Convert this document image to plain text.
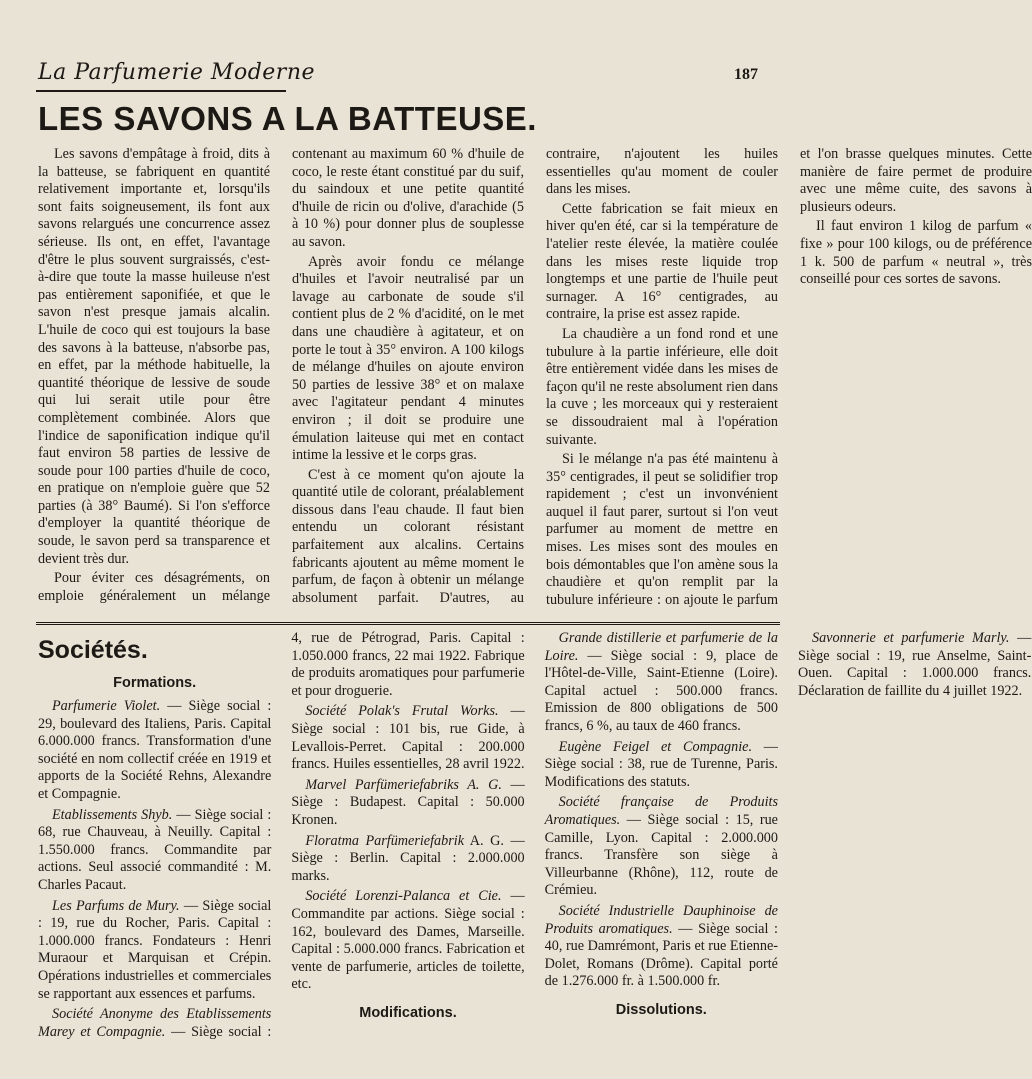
La Parfumerie Moderne	187
LES SAVONS A LA BATTEUSE.

Les savons d'empâtage à froid, dits à la batteuse, se fabriquent en quantité relativement importante et, lorsqu'ils sont faits soigneusement, ils font aux savons relargués une concurrence assez sérieuse. Ils ont, en effet, l'avantage d'être le plus souvent surgraissés, c'est-à-dire que toute la masse huileuse n'est pas entièrement saponifiée, et que le savon n'est presque jamais alcalin. L'huile de coco qui est toujours la base des savons à la batteuse, n'absorbe pas, en effet, par la méthode habituelle, la quantité théorique de lessive de soude qui lui serait utile pour être complètement combinée. Alors que l'indice de saponification indique qu'il faut environ 58 parties de lessive de soude pour 100 parties d'huile de coco, en pratique on n'emploie guère que 52 parties (à 38° Baumé). Si l'on s'efforce d'employer la quantité théorique de soude, le savon perd sa transparence et devient très dur.

Pour éviter ces désagréments, on emploie généralement un mélange contenant au maximum 60 % d'huile de coco, le reste étant constitué par du suif, du saindoux et une petite quantité d'huile de ricin ou d'olive, d'arachide (5 à 10 %) pour donner plus de souplesse au savon.

Après avoir fondu ce mélange d'huiles et l'avoir neutralisé par un lavage au carbonate de soude s'il contient plus de 2 % d'acidité, on le met dans une chaudière à agitateur, et on porte le tout à 35° environ. A 100 kilogs de mélange d'huiles on ajoute environ 50 parties de lessive 38° et on malaxe avec l'agitateur pendant 4 minutes environ ; il doit se produire une émulation laiteuse qui met en contact intime la lessive et le corps gras.

C'est à ce moment qu'on ajoute la quantité utile de colorant, préalablement dissous dans l'eau chaude. Il faut bien entendu un colorant résistant parfaitement aux alcalins. Certains fabricants ajoutent au même moment le parfum, de façon à obtenir un mélange absolument parfait. D'autres, au contraire, n'ajoutent les huiles essentielles qu'au moment de couler dans les mises.

Cette fabrication se fait mieux en hiver qu'en été, car si la température de l'atelier reste élevée, la matière coulée dans les mises reste liquide trop longtemps et une partie de l'huile peut surnager. A 16° centigrades, au contraire, la prise est assez rapide.

La chaudière a un fond rond et une tubulure à la partie inférieure, elle doit être entièrement vidée dans les mises de façon qu'il ne reste absolument rien dans la cuve ; les morceaux qui y resteraient se dissoudraient mal à l'opération suivante.

Si le mélange n'a pas été maintenu à 35° centigrades, il peut se solidifier trop rapidement ; c'est un invonvénient auquel il faut parer, surtout si l'on veut parfumer au moment de mettre en mises. Les mises sont des moules en bois démontables que l'on amène sous la chaudière et qu'on remplit par la tubulure inférieure : on ajoute le parfum et l'on brasse quelques minutes. Cette manière de faire permet de produire avec une même cuite, des savons à plusieurs odeurs.

Il faut environ 1 kilog de parfum « fixe » pour 100 kilogs, ou de préférence 1 k. 500 de parfum « neutral », très conseillé pour ces sortes de savons.

Sociétés.
Formations.

Parfumerie Violet. — Siège social : 29, boulevard des Italiens, Paris. Capital 6.000.000 francs. Transformation d'une société en nom collectif créée en 1919 et apports de la Société Rehns, Alexandre et Compagnie.

Etablissements Shyb. — Siège social : 68, rue Chauveau, à Neuilly. Capital : 1.550.000 francs. Commandite par actions. Seul associé commandité : M. Charles Pacaut.

Les Parfums de Mury. — Siège social : 19, rue du Rocher, Paris. Capital : 1.000.000 francs. Fondateurs : Henri Muraour et Marquisan et Crépin. Opérations industrielles et commerciales se rapportant aux essences et parfums.

Société Anonyme des Etablissements Marey et Compagnie. — Siège social : 4, rue de Pétrograd, Paris. Capital : 1.050.000 francs, 22 mai 1922. Fabrique de produits aromatiques pour parfumerie et pour droguerie.

Société Polak's Frutal Works. — Siège social : 101 bis, rue Gide, à Levallois-Perret. Capital : 200.000 francs. Huiles essentielles, 28 avril 1922.

Marvel Parfümeriefabriks A. G. — Siège : Budapest. Capital : 50.000 Kronen.

Floratma Parfümeriefabrik A. G. — Siège : Berlin. Capital : 2.000.000 marks.

Société Lorenzi-Palanca et Cie. — Commandite par actions. Siège social : 162, boulevard des Dames, Marseille. Capital : 5.000.000 francs. Fabrication et vente de parfumerie, articles de toilette, etc.

Modifications.

Grande distillerie et parfumerie de la Loire. — Siège social : 9, place de l'Hôtel-de-Ville, Saint-Etienne (Loire). Capital actuel : 500.000 francs. Emission de 800 obligations de 500 francs, 6 %, au taux de 460 francs.

Eugène Feigel et Compagnie. — Siège social : 38, rue de Turenne, Paris. Modifications des statuts.

Société française de Produits Aromatiques. — Siège social : 15, rue Camille, Lyon. Capital : 2.000.000 francs. Transfère son siège à Villeurbanne (Rhône), 112, route de Crémieu.

Société Industrielle Dauphinoise de Produits aromatiques. — Siège social : 40, rue Damrémont, Paris et rue Etienne-Dolet, Romans (Drôme). Capital porté de 1.276.000 fr. à 1.500.000 fr.

Dissolutions.

Savonnerie et parfumerie Marly. — Siège social : 19, rue Anselme, Saint-Ouen. Capital : 1.000.000 francs. Déclaration de faillite du 4 juillet 1922.
